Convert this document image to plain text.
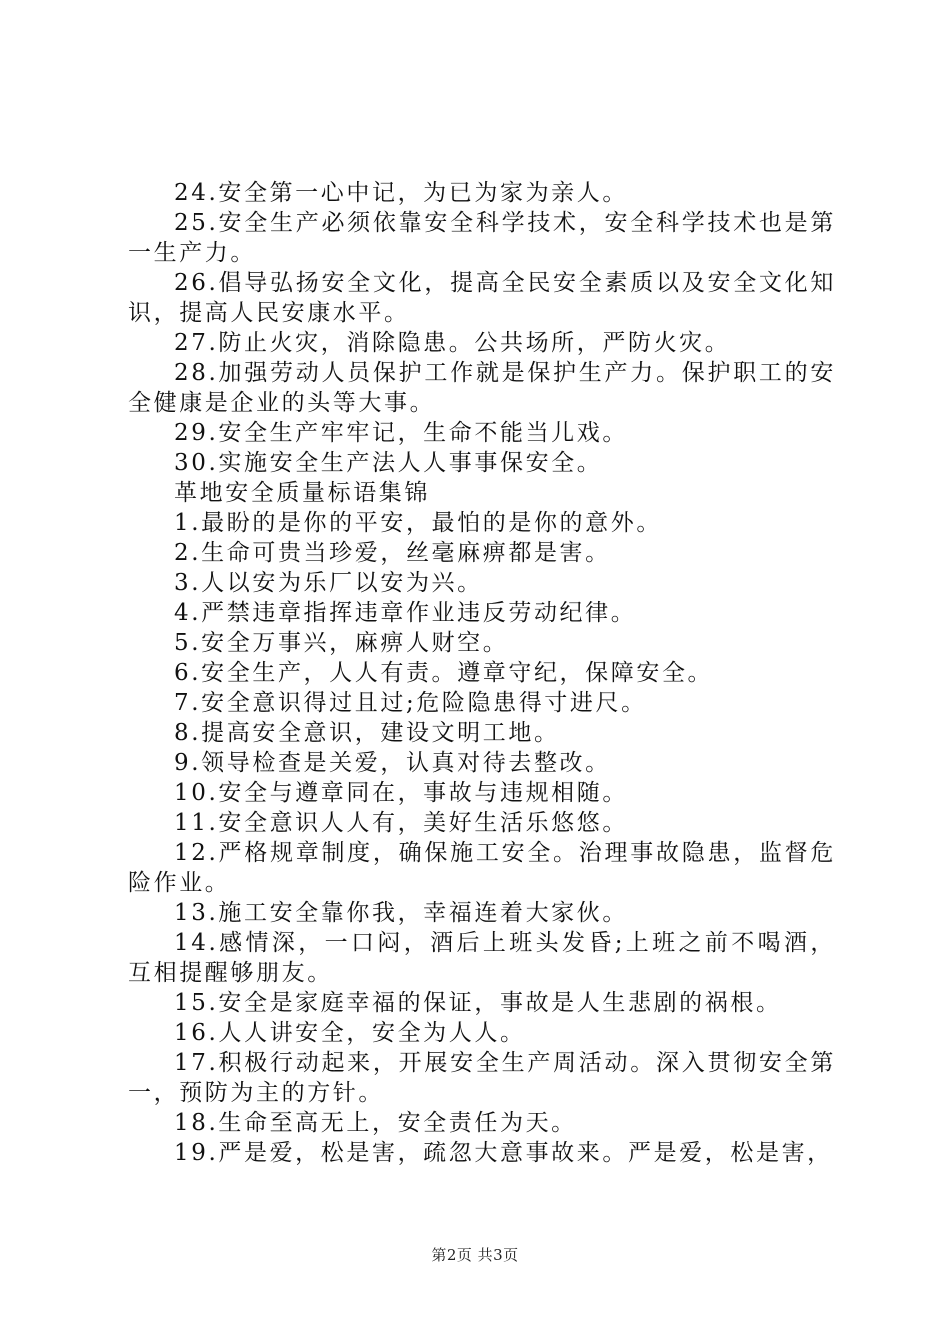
24.安全第一心中记，为已为家为亲人。

25.安全生产必须依靠安全科学技术，安全科学技术也是第一生产力。

26.倡导弘扬安全文化，提高全民安全素质以及安全文化知识，提高人民安康水平。

27.防止火灾，消除隐患。公共场所，严防火灾。

28.加强劳动人员保护工作就是保护生产力。保护职工的安全健康是企业的头等大事。

29.安全生产牢牢记，生命不能当儿戏。

30.实施安全生产法人人事事保安全。

革地安全质量标语集锦

1.最盼的是你的平安，最怕的是你的意外。

2.生命可贵当珍爱，丝毫麻痹都是害。

3.人以安为乐厂以安为兴。

4.严禁违章指挥违章作业违反劳动纪律。

5.安全万事兴，麻痹人财空。

6.安全生产，人人有责。遵章守纪，保障安全。

7.安全意识得过且过;危险隐患得寸进尺。

8.提高安全意识，建设文明工地。

9.领导检查是关爱，认真对待去整改。

10.安全与遵章同在，事故与违规相随。

11.安全意识人人有，美好生活乐悠悠。

12.严格规章制度，确保施工安全。治理事故隐患，监督危险作业。

13.施工安全靠你我，幸福连着大家伙。

14.感情深，一口闷，酒后上班头发昏;上班之前不喝酒，互相提醒够朋友。

15.安全是家庭幸福的保证，事故是人生悲剧的祸根。

16.人人讲安全，安全为人人。

17.积极行动起来，开展安全生产周活动。深入贯彻安全第一，预防为主的方针。

18.生命至高无上，安全责任为天。

19.严是爱，松是害，疏忽大意事故来。严是爱，松是害，

第2页 共3页
